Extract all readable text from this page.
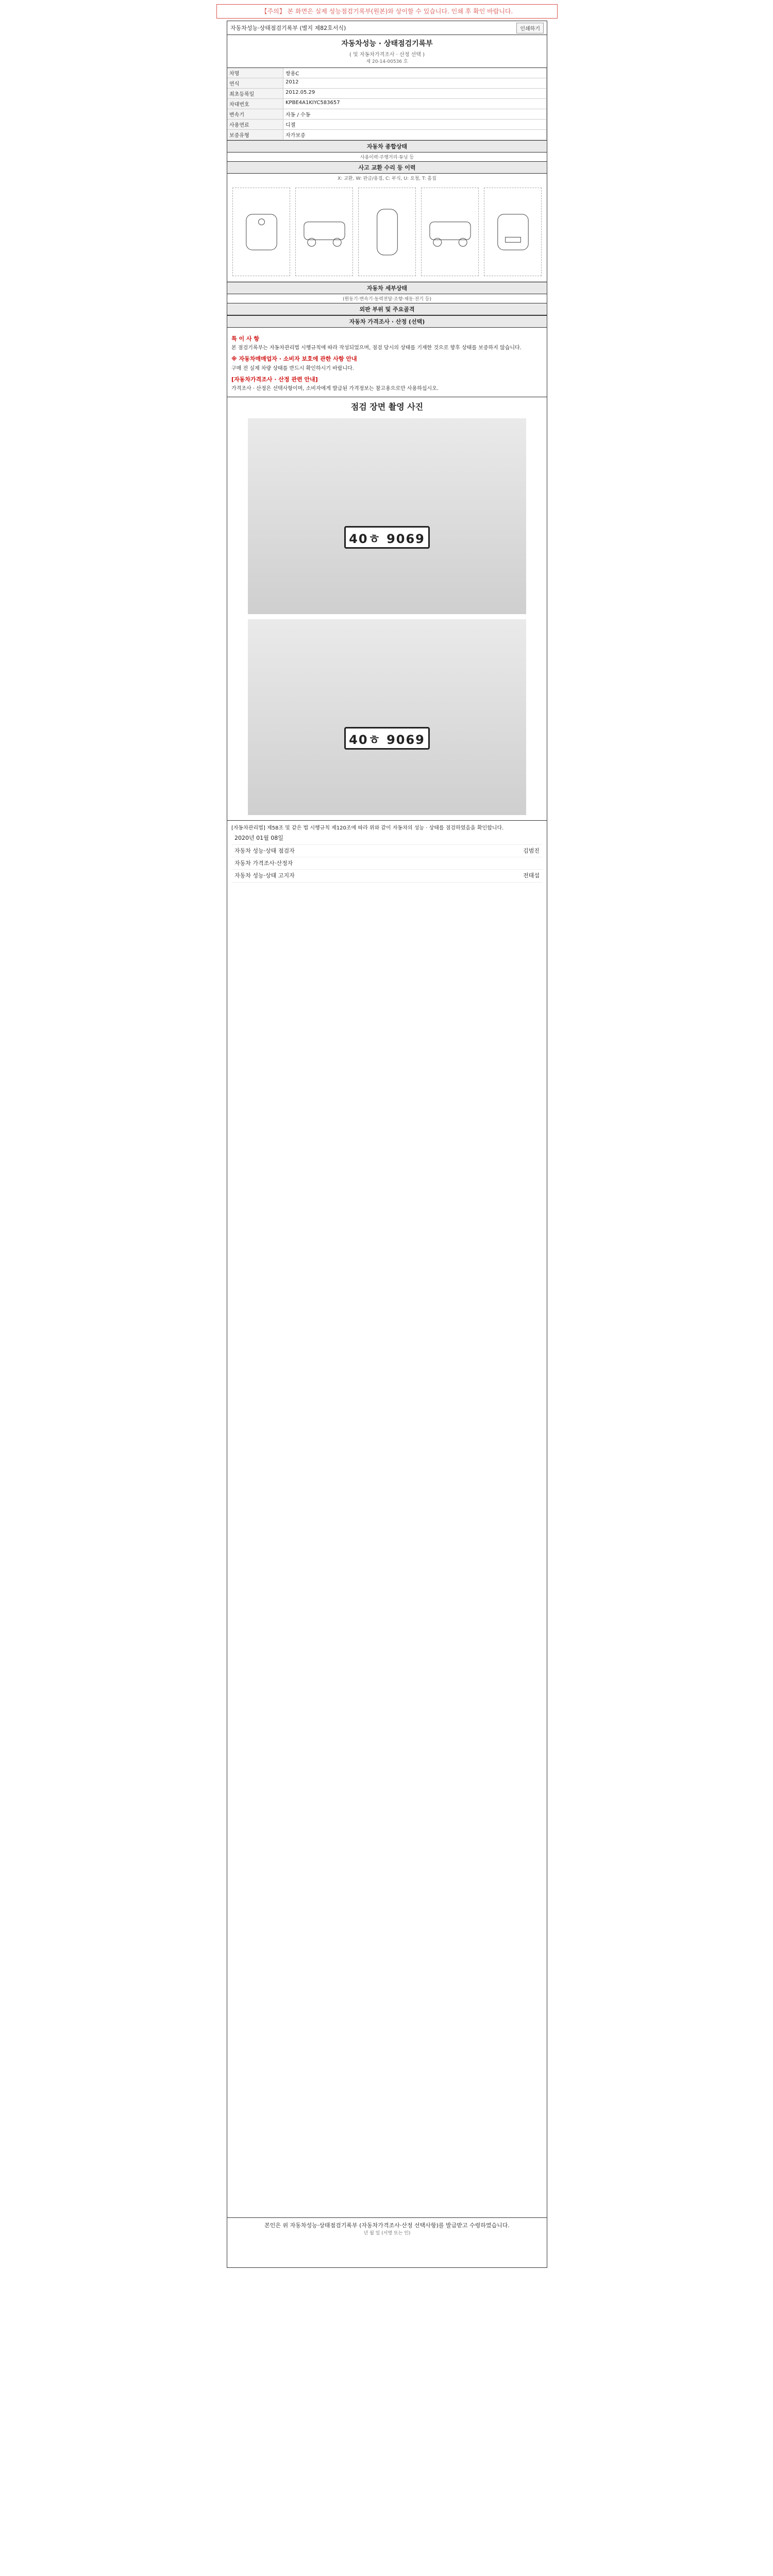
【주의】 본 화면은 실제 성능점검기록부(원본)와 상이할 수 있습니다. 인쇄 후 확인 바랍니다.
자동차성능·상태점검기록부 (별지 제82호서식)	인쇄하기
자동차성능 · 상태점검기록부
( 및 자동차가격조사 · 산정 선택 )
제 20-14-00536 호
차명	쌍용C
연식	2012
최초등록일	2012.05.29
차대번호	KPBE4A1KIYC583657
변속기	자동 / 수동
사용연료	디젤
보증유형	자가보증
자동차 종합상태
사용이력·주행거리·튜닝 등
사고 교환 수리 등 이력
X: 교환, W: 판금/용접, C: 부식, U: 요철, T: 흠집
자동차 세부상태
(원동기·변속기·동력전달·조향·제동·전기 등)
외판 부위 및 주요골격
자동차 가격조사 · 산정 (선택)
특 이 사 항
본 점검기록부는 자동차관리법 시행규칙에 따라 작성되었으며, 점검 당시의 상태를 기재한 것으로 향후 상태를 보증하지 않습니다.
※ 자동차매매업자 · 소비자 보호에 관한 사항 안내
구매 전 실제 차량 상태를 반드시 확인하시기 바랍니다.
[자동차가격조사 · 산정 관련 안내]
가격조사 · 산정은 선택사항이며, 소비자에게 발급된 가격정보는 참고용으로만 사용하십시오.
점검 장면 촬영 사진
40ㅎ 9069
40ㅎ 9069
[자동차관리법] 제58조 및 같은 법 시행규칙 제120조에 따라 위와 같이 자동차의 성능 · 상태를 점검하였음을 확인합니다.
2020년 01월 08일
자동차 성능·상태 점검자	김범진
자동차 가격조사·산정자
자동차 성능·상태 고지자	전태섭
본인은 위 자동차성능·상태점검기록부 (자동차가격조사·산정 선택사항)를 발급받고 수령하였습니다.
년 월 일 (서명 또는 인)
